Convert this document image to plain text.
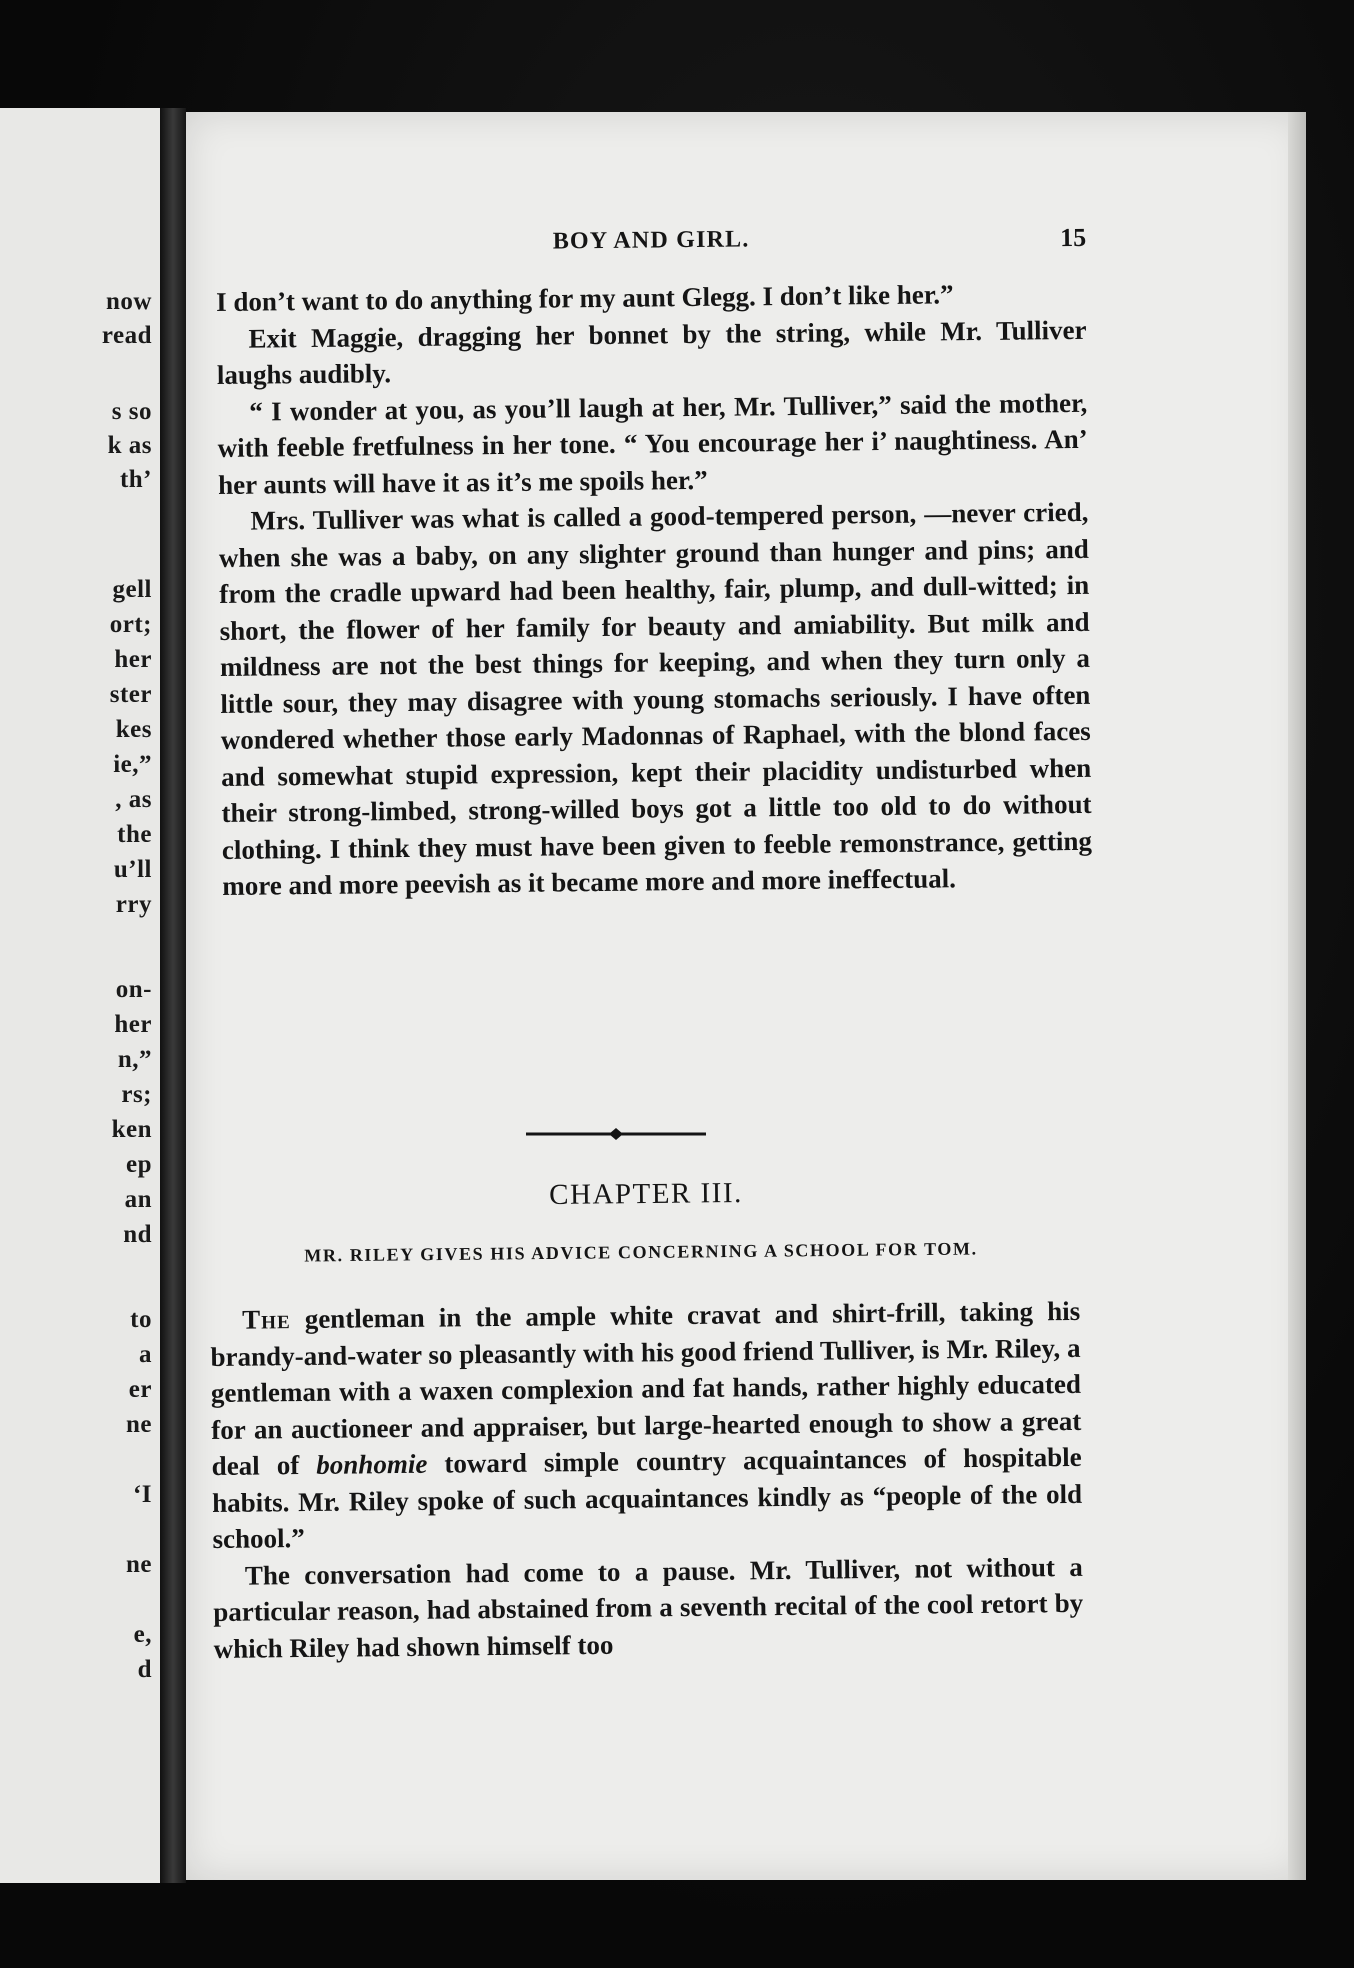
now
read
s so
k as
th’
gell
ort;
her
ster
kes
ie,”
, as
the
u’ll
rry
on-
her
n,”
rs;
ken
ep
an
nd
to
a
er
ne
‘I
ne
e,
d
BOY AND GIRL.	15

I don’t want to do anything for my aunt Glegg. I don’t like her.”

Exit Maggie, dragging her bonnet by the string, while Mr. Tulliver laughs audibly.

“ I wonder at you, as you’ll laugh at her, Mr. Tulliver,” said the mother, with feeble fretfulness in her tone. “ You encourage her i’ naughtiness. An’ her aunts will have it as it’s me spoils her.”

Mrs. Tulliver was what is called a good-tempered person, —never cried, when she was a baby, on any slighter ground than hunger and pins; and from the cradle upward had been healthy, fair, plump, and dull-witted; in short, the flower of her family for beauty and amiability. But milk and mildness are not the best things for keeping, and when they turn only a little sour, they may disagree with young stomachs seriously. I have often wondered whether those early Madonnas of Raphael, with the blond faces and somewhat stupid expression, kept their placidity undisturbed when their strong-limbed, strong-willed boys got a little too old to do without clothing. I think they must have been given to feeble remonstrance, getting more and more peevish as it became more and more ineffectual.

CHAPTER III.
MR. RILEY GIVES HIS ADVICE CONCERNING A SCHOOL FOR TOM.

The gentleman in the ample white cravat and shirt-frill, taking his brandy-and-water so pleasantly with his good friend Tulliver, is Mr. Riley, a gentleman with a waxen complexion and fat hands, rather highly educated for an auctioneer and appraiser, but large-hearted enough to show a great deal of bonhomie toward simple country acquaintances of hospitable habits. Mr. Riley spoke of such acquaintances kindly as “people of the old school.”

The conversation had come to a pause. Mr. Tulliver, not without a particular reason, had abstained from a seventh recital of the cool retort by which Riley had shown himself too
